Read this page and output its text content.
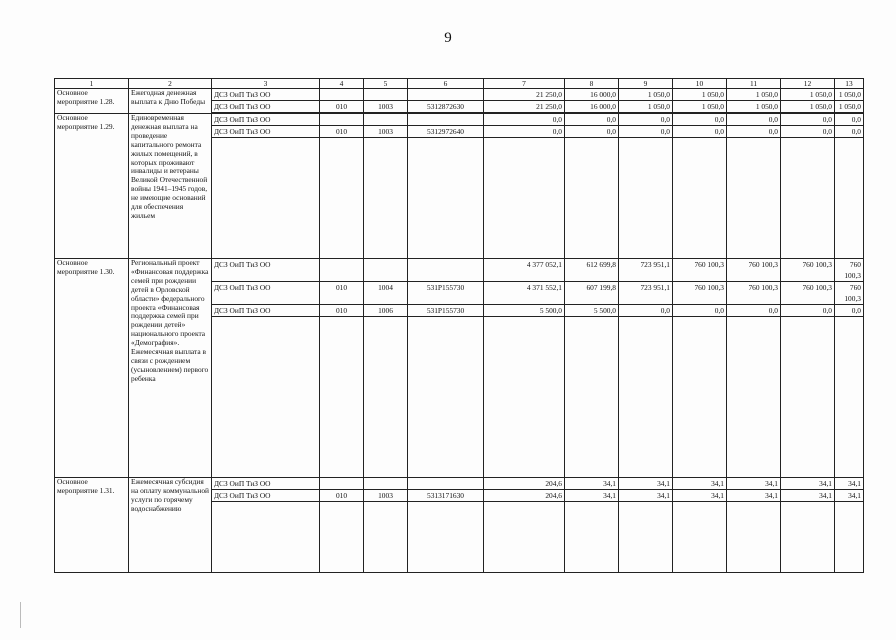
9
1	2	3	4	5	6	7	8	9	10	11	12	13
Основное мероприятие 1.28.	Ежегодная денежная выплата к Дню Победы	ДСЗ ОиП ТиЗ ОО				21 250,0	16 000,0	1 050,0	1 050,0	1 050,0	1 050,0	1 050,0
		ДСЗ ОиП ТиЗ ОО	010	1003	5312872630	21 250,0	16 000,0	1 050,0	1 050,0	1 050,0	1 050,0	1 050,0

Основное мероприятие 1.29.	Единовременная денежная выплата на проведение капитального ремонта жилых помещений, в которых проживают инвалиды и ветераны Великой Отечественной войны 1941–1945 годов, не имеющие оснований для обеспечения жильем	ДСЗ ОиП ТиЗ ОО				0,0	0,0	0,0	0,0	0,0	0,0	0,0
		ДСЗ ОиП ТиЗ ОО	010	1003	5312972640	0,0	0,0	0,0	0,0	0,0	0,0	0,0

Основное мероприятие 1.30.	Региональный проект «Финансовая поддержка семей при рождении детей в Орловской области» федерального проекта «Финансовая поддержка семей при рождении детей» национального проекта «Демография». Ежемесячная выплата в связи с рождением (усыновлением) первого ребенка	ДСЗ ОиП ТиЗ ОО				4 377 052,1	612 699,8	723 951,1	760 100,3	760 100,3	760 100,3	760 100,3
		ДСЗ ОиП ТиЗ ОО	010	1004	531P155730	4 371 552,1	607 199,8	723 951,1	760 100,3	760 100,3	760 100,3	760 100,3
		ДСЗ ОиП ТиЗ ОО	010	1006	531P155730	5 500,0	5 500,0	0,0	0,0	0,0	0,0	0,0

Основное мероприятие 1.31.	Ежемесячная субсидия на оплату коммунальной услуги по горячему водоснабжению	ДСЗ ОиП ТиЗ ОО				204,6	34,1	34,1	34,1	34,1	34,1	34,1
		ДСЗ ОиП ТиЗ ОО	010	1003	5313171630	204,6	34,1	34,1	34,1	34,1	34,1	34,1
